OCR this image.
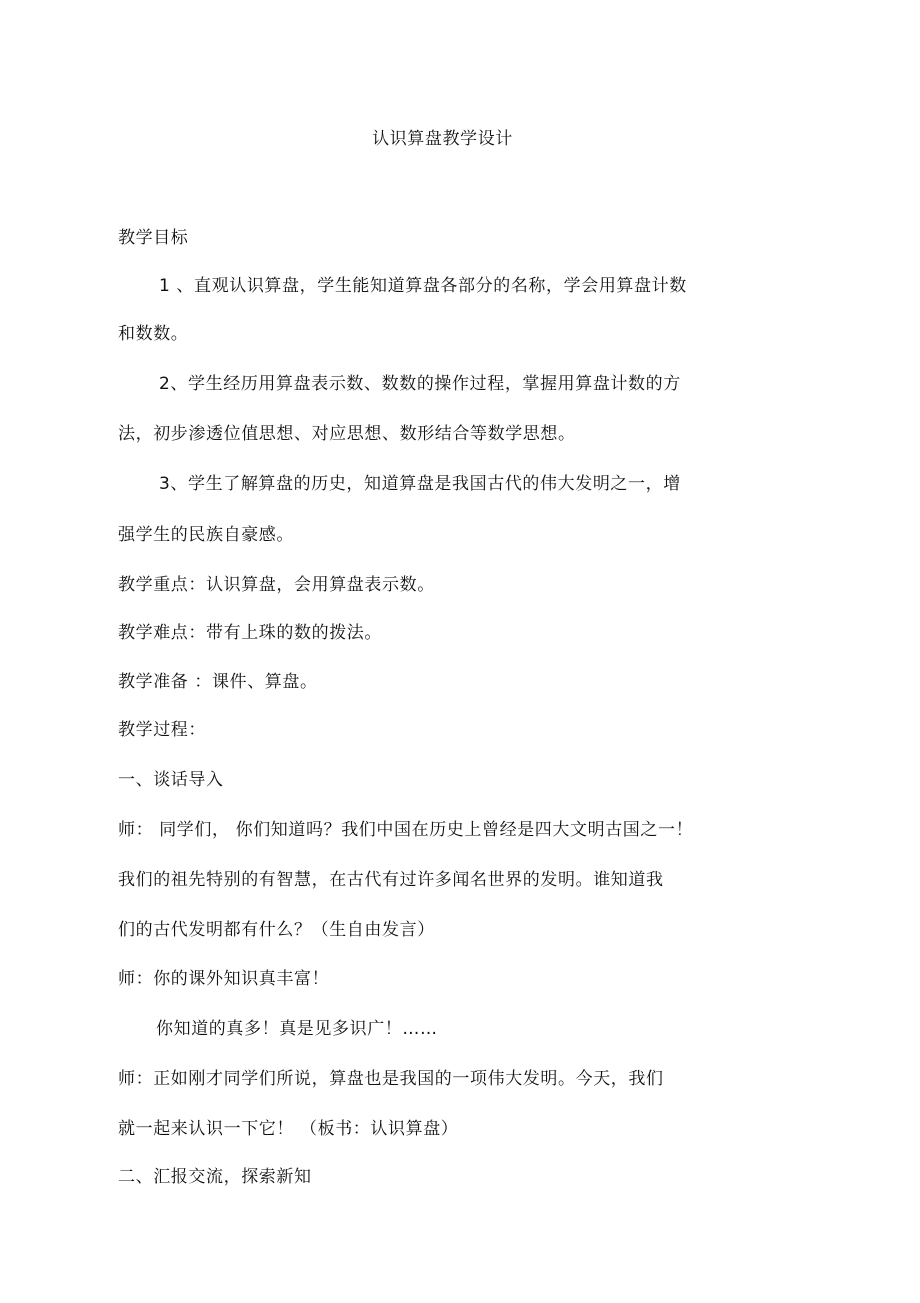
认识算盘教学设计
教学目标
1 、直观认识算盘，学生能知道算盘各部分的名称，学会用算盘计数
和数数。
2、学生经历用算盘表示数、数数的操作过程，掌握用算盘计数的方
法，初步渗透位值思想、对应思想、数形结合等数学思想。
3、学生了解算盘的历史，知道算盘是我国古代的伟大发明之一，增
强学生的民族自豪感。
教学重点：认识算盘，会用算盘表示数。
教学难点：带有上珠的数的拨法。
教学准备 ：课件、算盘。
教学过程：
一、谈话导入
师： 同学们， 你们知道吗？我们中国在历史上曾经是四大文明古国之一！
我们的祖先特别的有智慧，在古代有过许多闻名世界的发明。谁知道我
们的古代发明都有什么？（生自由发言）
师：你的课外知识真丰富！
你知道的真多！真是见多识广！……
师：正如刚才同学们所说，算盘也是我国的一项伟大发明。今天，我们
就一起来认识一下它！ （板书：认识算盘）
二、汇报交流，探索新知
